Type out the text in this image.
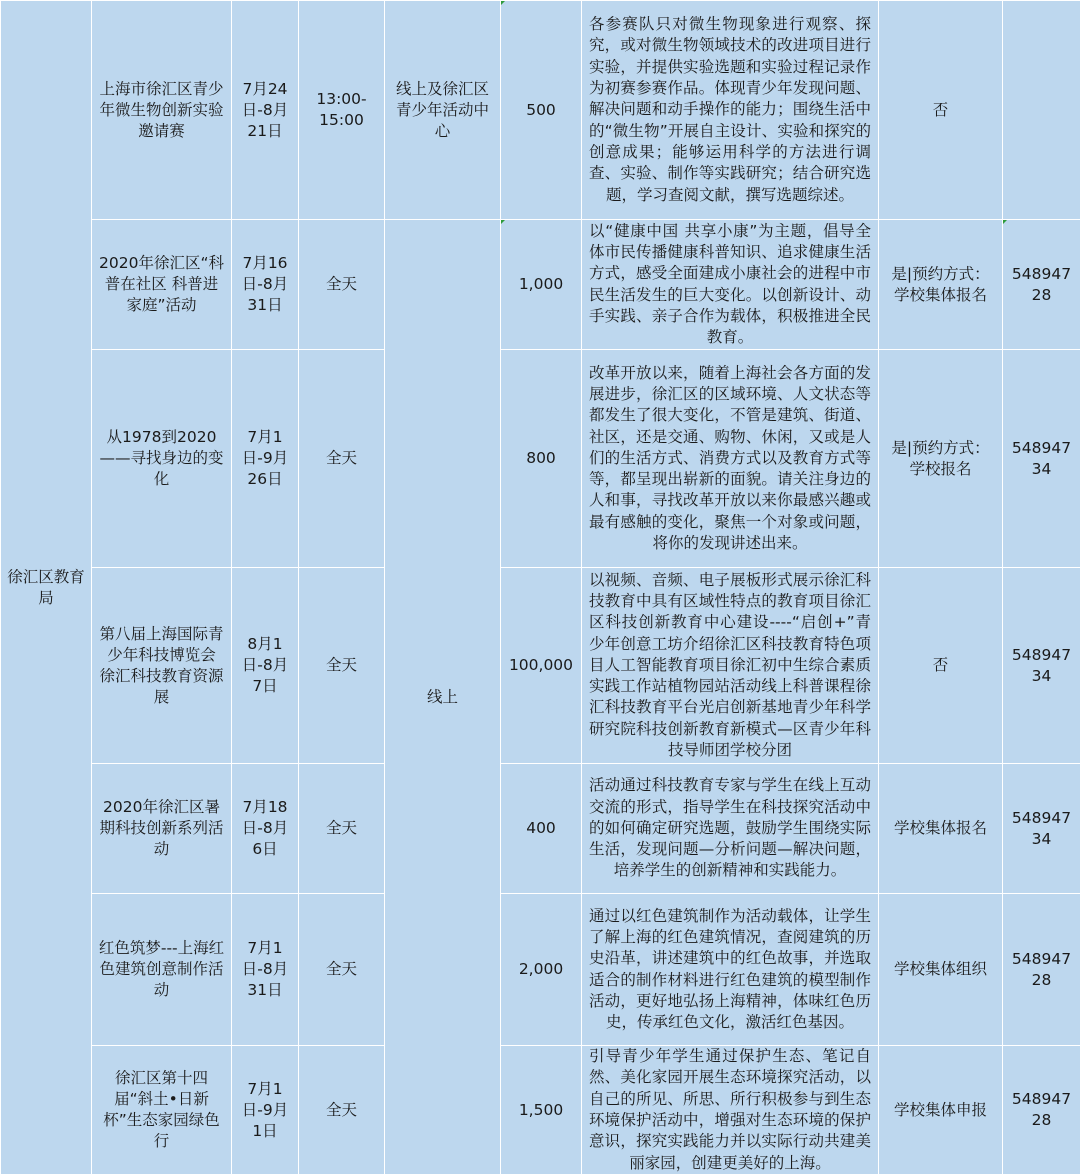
徐汇区教育局	上海市徐汇区青少年微生物创新实验邀请赛	7月24日-8月21日	13:00-15:00	线上及徐汇区青少年活动中心	500	各参赛队只对微生物现象进行观察、探究，或对微生物领域技术的改进项目进行实验，并提供实验选题和实验过程记录作为初赛参赛作品。体现青少年发现问题、解决问题和动手操作的能力；围绕生活中的“微生物”开展自主设计、实验和探究的创意成果；能够运用科学的方法进行调查、实验、制作等实践研究；结合研究选题，学习查阅文献，撰写选题综述。	否	
	2020年徐汇区“科普在社区 科普进家庭”活动	7月16日-8月31日	全天	线上	1,000	以“健康中国 共享小康”为主题，倡导全体市民传播健康科普知识、追求健康生活方式，感受全面建成小康社会的进程中市民生活发生的巨大变化。以创新设计、动手实践、亲子合作为载体，积极推进全民教育。	是|预约方式：学校集体报名	54894728
	从1978到2020——寻找身边的变化	7月1日-9月26日	全天		800	改革开放以来，随着上海社会各方面的发展进步，徐汇区的区域环境、人文状态等都发生了很大变化，不管是建筑、街道、社区，还是交通、购物、休闲，又或是人们的生活方式、消费方式以及教育方式等等，都呈现出崭新的面貌。请关注身边的人和事，寻找改革开放以来你最感兴趣或最有感触的变化，聚焦一个对象或问题，将你的发现讲述出来。	是|预约方式：学校报名	54894734
	第八届上海国际青少年科技博览会 徐汇科技教育资源展	8月1日-8月7日	全天		100,000	以视频、音频、电子展板形式展示徐汇科技教育中具有区域性特点的教育项目徐汇区科技创新教育中心建设----“启创+”青少年创意工坊介绍徐汇区科技教育特色项目人工智能教育项目徐汇初中生综合素质实践工作站植物园站活动线上科普课程徐汇科技教育平台光启创新基地青少年科学研究院科技创新教育新模式—区青少年科技导师团学校分团	否	54894734
	2020年徐汇区暑期科技创新系列活动	7月18日-8月6日	全天		400	活动通过科技教育专家与学生在线上互动交流的形式，指导学生在科技探究活动中的如何确定研究选题，鼓励学生围绕实际生活，发现问题—分析问题—解决问题，培养学生的创新精神和实践能力。	学校集体报名	54894734
	红色筑梦---上海红色建筑创意制作活动	7月1日-8月31日	全天		2,000	通过以红色建筑制作为活动载体，让学生了解上海的红色建筑情况，查阅建筑的历史沿革，讲述建筑中的红色故事，并选取适合的制作材料进行红色建筑的模型制作活动，更好地弘扬上海精神，体味红色历史，传承红色文化，激活红色基因。	学校集体组织	54894728
	徐汇区第十四届“斜土•日新杯”生态家园绿色行	7月1日-9月1日	全天		1,500	引导青少年学生通过保护生态、笔记自然、美化家园开展生态环境探究活动，以自己的所见、所思、所行积极参与到生态环境保护活动中，增强对生态环境的保护意识，探究实践能力并以实际行动共建美丽家园，创建更美好的上海。	学校集体申报	54894728
